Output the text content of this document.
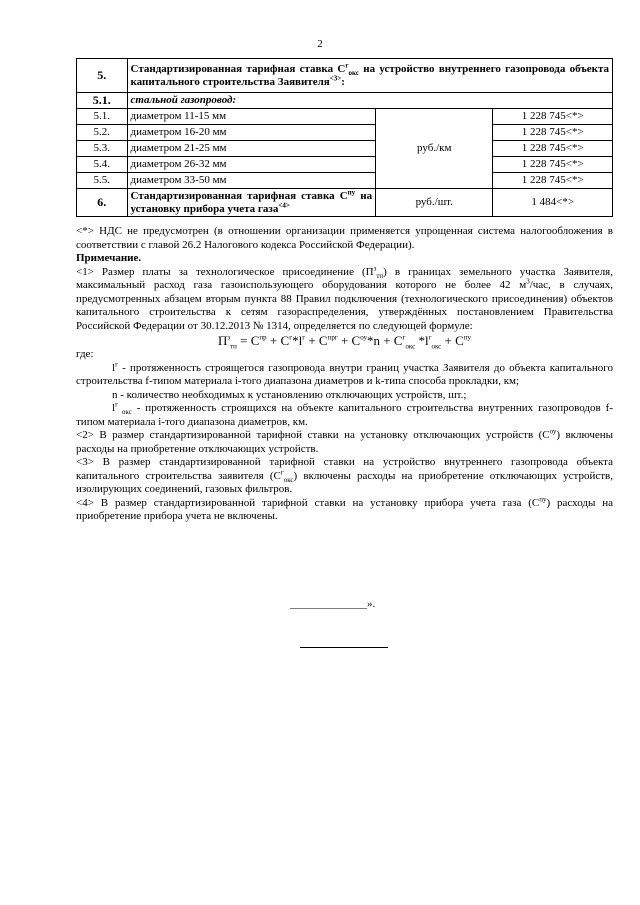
2
5.	Стандартизированная тарифная ставка $С^г_{окс}$ на устройство внутреннего газопровода объекта капитального строительства Заявителя$^{<3>}$:		
5.1.	стальной газопровод:		
5.1.	диаметром 11-15 мм	руб./км	1 228 745<*>
5.2.	диаметром 16-20 мм		1 228 745<*>
5.3.	диаметром 21-25 мм		1 228 745<*>
5.4.	диаметром 26-32 мм		1 228 745<*>
5.5.	диаметром 33-50 мм		1 228 745<*>
6.	Стандартизированная тарифная ставка $С^{пу}$ на установку прибора учета газа$^{<4>}$	руб./шт.	1 484<*>

<*> НДС не предусмотрен (в отношении организации применяется упрощенная система налогообложения в соответствии с главой 26.2 Налогового кодекса Российской Федерации).

Примечание.

<1> Размер платы за технологическое присоединение $(П^з_{тп})$ в границах земельного участка Заявителя, максимальный расход газа газоиспользующего оборудования которого не более 42 $м^3$/час, в случаях, предусмотренных абзацем вторым пункта 88 Правил подключения (технологического присоединения) объектов капитального строительства к сетям газораспределения, утверждённых постановлением Правительства Российской Федерации от 30.12.2013 № 1314, определяется по следующей формуле:

$П^з_{тп} = С^{пр} + С^г*l^г + С^{прг} + С^{оу}*n + С^г_{окс}$ $*l^г_{окс} + С^{пу}$

где:

$l^г$ - протяженность строящегося газопровода внутри границ участка Заявителя до объекта капитального строительства f-типом материала i-того диапазона диаметров и k-типа способа прокладки, км;

n - количество необходимых к установлению отключающих устройств, шт.;

$l^г$ $_{окс}$ - протяженность строящихся на объекте капитального строительства внутренних газопроводов f-типом материала i-того диапазона диаметров, км.

<2> В размер стандартизированной тарифной ставки на установку отключающих устройств $(С^{оу})$ включены расходы на приобретение отключающих устройств.

<3> В размер стандартизированной тарифной ставки на устройство внутреннего газопровода объекта капитального строительства заявителя $(С^г_{окс})$ включены расходы на приобретение отключающих устройств, изолирующих соединений, газовых фильтров.

<4> В размер стандартизированной тарифной ставки на установку прибора учета газа $(С^{пу})$ расходы на приобретение прибора учета не включены.

______________».
